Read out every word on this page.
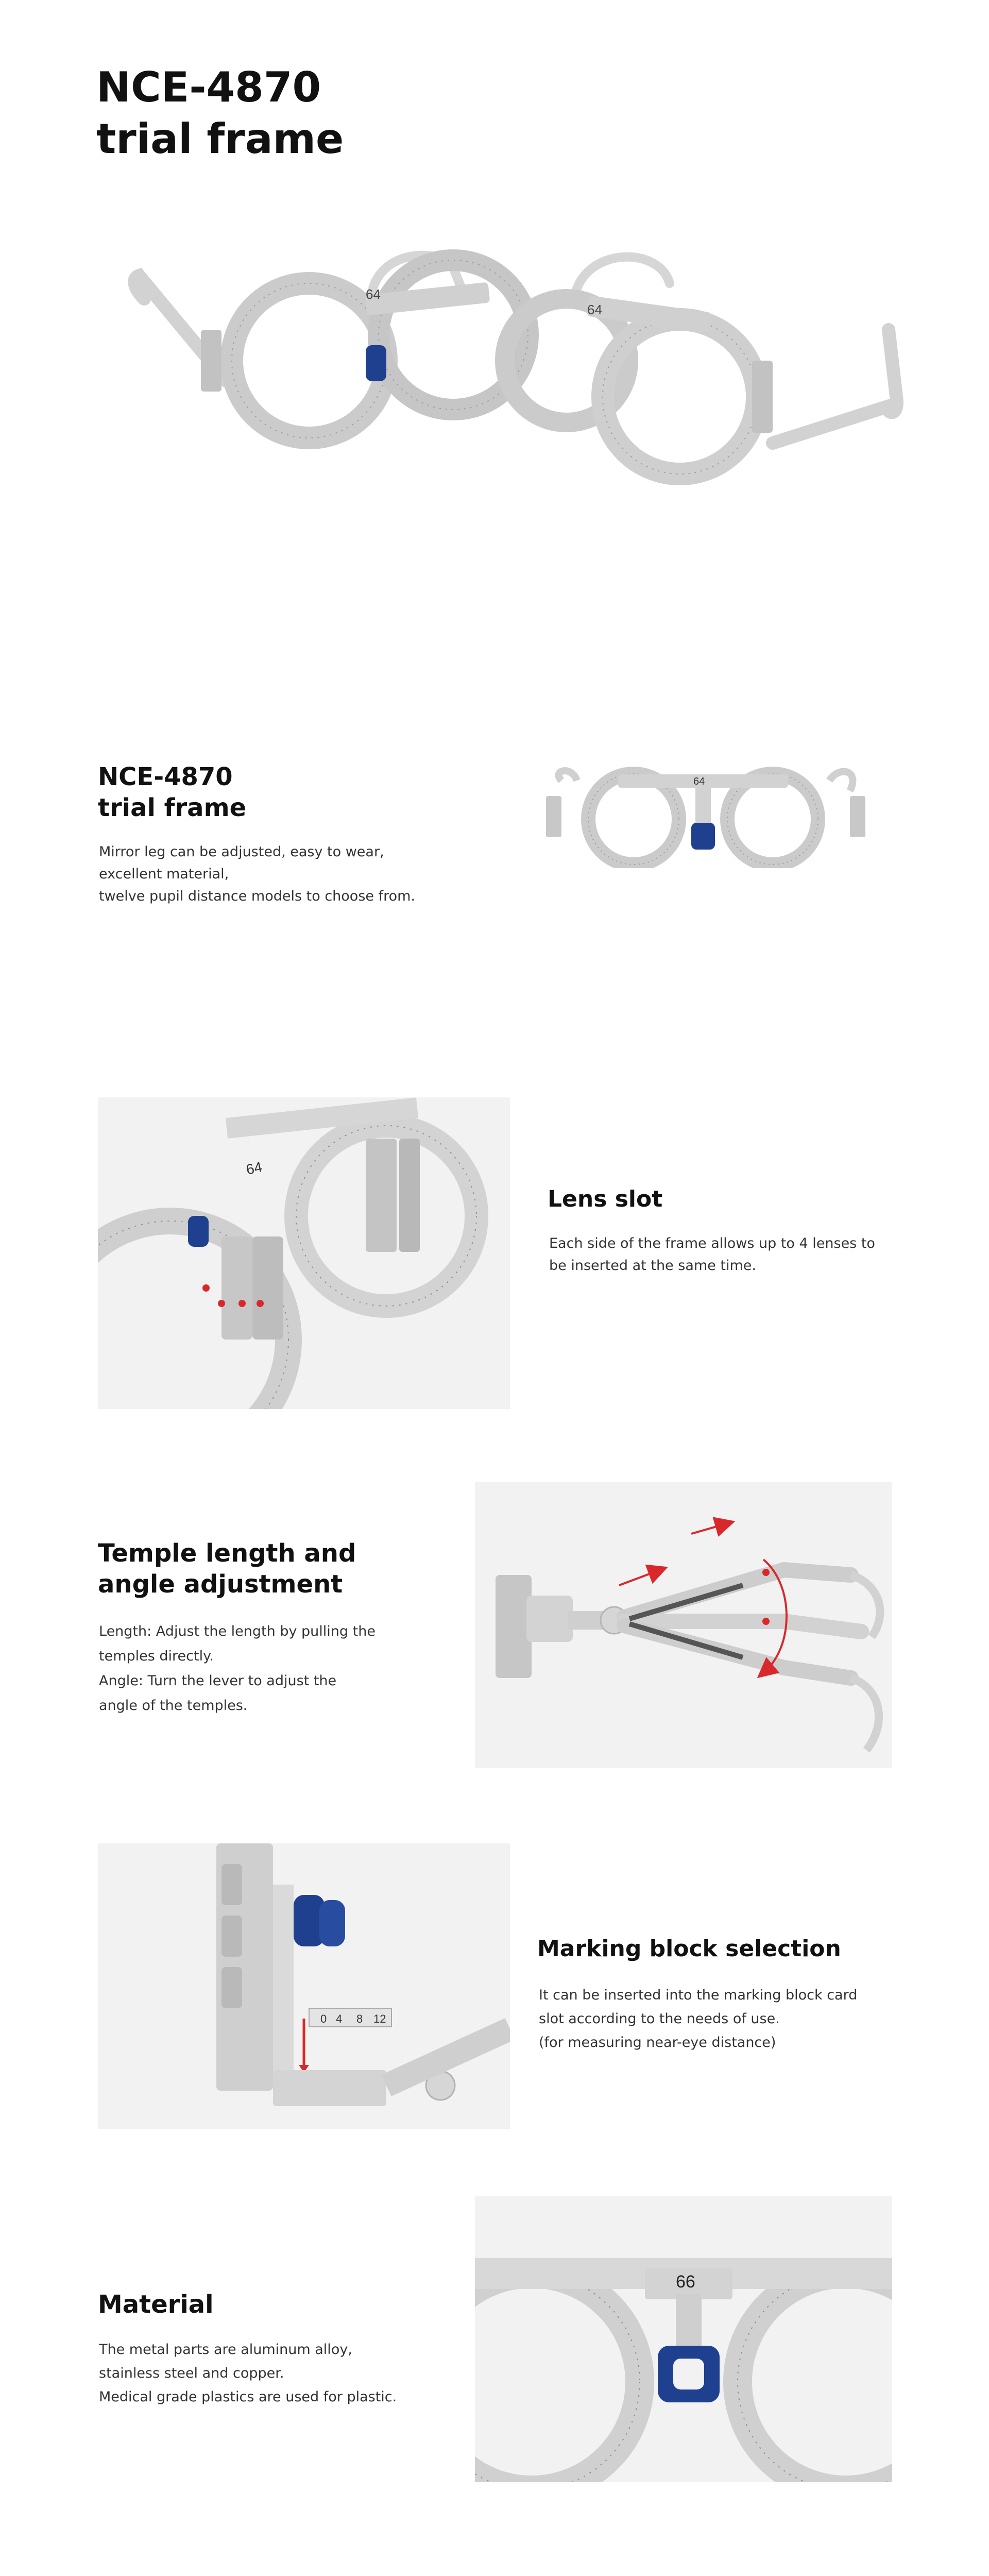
NCE-4870
trial frame
64
64
NCE-4870
trial frame

Mirror leg can be adjusted, easy to wear,
excellent material,
twelve pupil distance models to choose from.

64
64
Lens slot

Each side of the frame allows up to 4 lenses to
be inserted at the same time.

Temple length and
angle adjustment

Length: Adjust the length by pulling the
temples directly.
Angle: Turn the lever to adjust the
angle of the temples.

0 4 8 12
Marking block selection

It can be inserted into the marking block card
slot according to the needs of use.
(for measuring near-eye distance)

Material

The metal parts are aluminum alloy,
stainless steel and copper.
Medical grade plastics are used for plastic.

66
